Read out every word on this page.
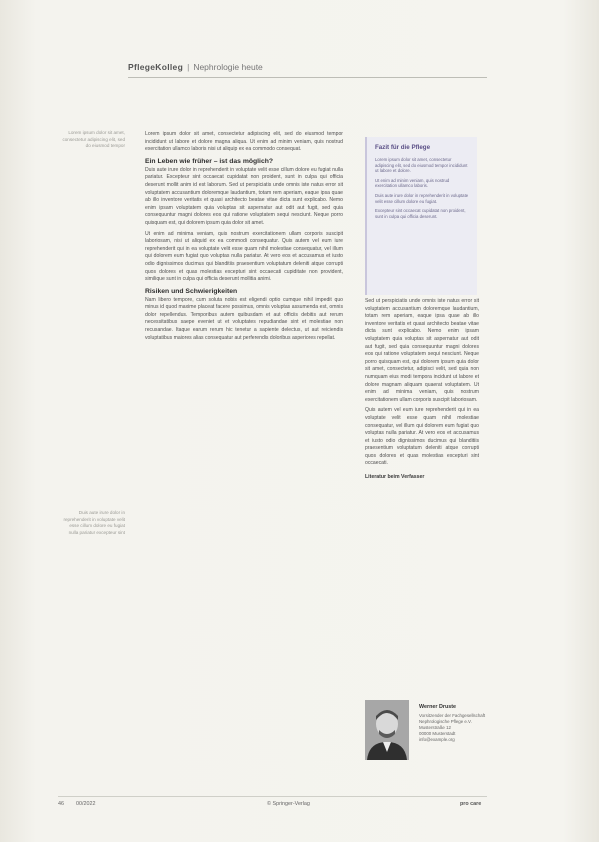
PflegeKolleg | Nephrologie heute
Lorem ipsum dolor sit amet, consectetur adipiscing elit, sed do eiusmod tempor
Duis aute irure dolor in reprehenderit in voluptate velit esse cillum dolore eu fugiat nulla pariatur excepteur sint

Lorem ipsum dolor sit amet, consectetur adipiscing elit, sed do eiusmod tempor incididunt ut labore et dolore magna aliqua. Ut enim ad minim veniam, quis nostrud exercitation ullamco laboris nisi ut aliquip ex ea commodo consequat.

Ein Leben wie früher – ist das möglich?

Duis aute irure dolor in reprehenderit in voluptate velit esse cillum dolore eu fugiat nulla pariatur. Excepteur sint occaecat cupidatat non proident, sunt in culpa qui officia deserunt mollit anim id est laborum. Sed ut perspiciatis unde omnis iste natus error sit voluptatem accusantium doloremque laudantium, totam rem aperiam, eaque ipsa quae ab illo inventore veritatis et quasi architecto beatae vitae dicta sunt explicabo. Nemo enim ipsam voluptatem quia voluptas sit aspernatur aut odit aut fugit, sed quia consequuntur magni dolores eos qui ratione voluptatem sequi nesciunt. Neque porro quisquam est, qui dolorem ipsum quia dolor sit amet.

Ut enim ad minima veniam, quis nostrum exercitationem ullam corporis suscipit laboriosam, nisi ut aliquid ex ea commodi consequatur. Quis autem vel eum iure reprehenderit qui in ea voluptate velit esse quam nihil molestiae consequatur, vel illum qui dolorem eum fugiat quo voluptas nulla pariatur. At vero eos et accusamus et iusto odio dignissimos ducimus qui blanditiis praesentium voluptatum deleniti atque corrupti quos dolores et quas molestias excepturi sint occaecati cupiditate non provident, similique sunt in culpa qui officia deserunt mollitia animi.

Risiken und Schwierigkeiten

Nam libero tempore, cum soluta nobis est eligendi optio cumque nihil impedit quo minus id quod maxime placeat facere possimus, omnis voluptas assumenda est, omnis dolor repellendus. Temporibus autem quibusdam et aut officiis debitis aut rerum necessitatibus saepe eveniet ut et voluptates repudiandae sint et molestiae non recusandae. Itaque earum rerum hic tenetur a sapiente delectus, ut aut reiciendis voluptatibus maiores alias consequatur aut perferendis doloribus asperiores repellat.

Fazit für die Pflege
Lorem ipsum dolor sit amet, consectetur adipiscing elit, sed do eiusmod tempor incididunt ut labore et dolore.
Ut enim ad minim veniam, quis nostrud exercitation ullamco laboris.
Duis aute irure dolor in reprehenderit in voluptate velit esse cillum dolore eu fugiat.
Excepteur sint occaecat cupidatat non proident, sunt in culpa qui officia deserunt.

Sed ut perspiciatis unde omnis iste natus error sit voluptatem accusantium doloremque laudantium, totam rem aperiam, eaque ipsa quae ab illo inventore veritatis et quasi architecto beatae vitae dicta sunt explicabo. Nemo enim ipsam voluptatem quia voluptas sit aspernatur aut odit aut fugit, sed quia consequuntur magni dolores eos qui ratione voluptatem sequi nesciunt. Neque porro quisquam est, qui dolorem ipsum quia dolor sit amet, consectetur, adipisci velit, sed quia non numquam eius modi tempora incidunt ut labore et dolore magnam aliquam quaerat voluptatem. Ut enim ad minima veniam, quis nostrum exercitationem ullam corporis suscipit laboriosam.

Quis autem vel eum iure reprehenderit qui in ea voluptate velit esse quam nihil molestiae consequatur, vel illum qui dolorem eum fugiat quo voluptas nulla pariatur. At vero eos et accusamus et iusto odio dignissimos ducimus qui blanditiis praesentium voluptatum deleniti atque corrupti quos dolores et quas molestias excepturi sint occaecati.

Literatur beim Verfasser

Werner Druste
Vorsitzender der Fachgesellschaft
Nephrologische Pflege e.V.
Musterstraße 12
00000 Musterstadt
info@example.org
46 00/2022	© Springer-Verlag	pro care
